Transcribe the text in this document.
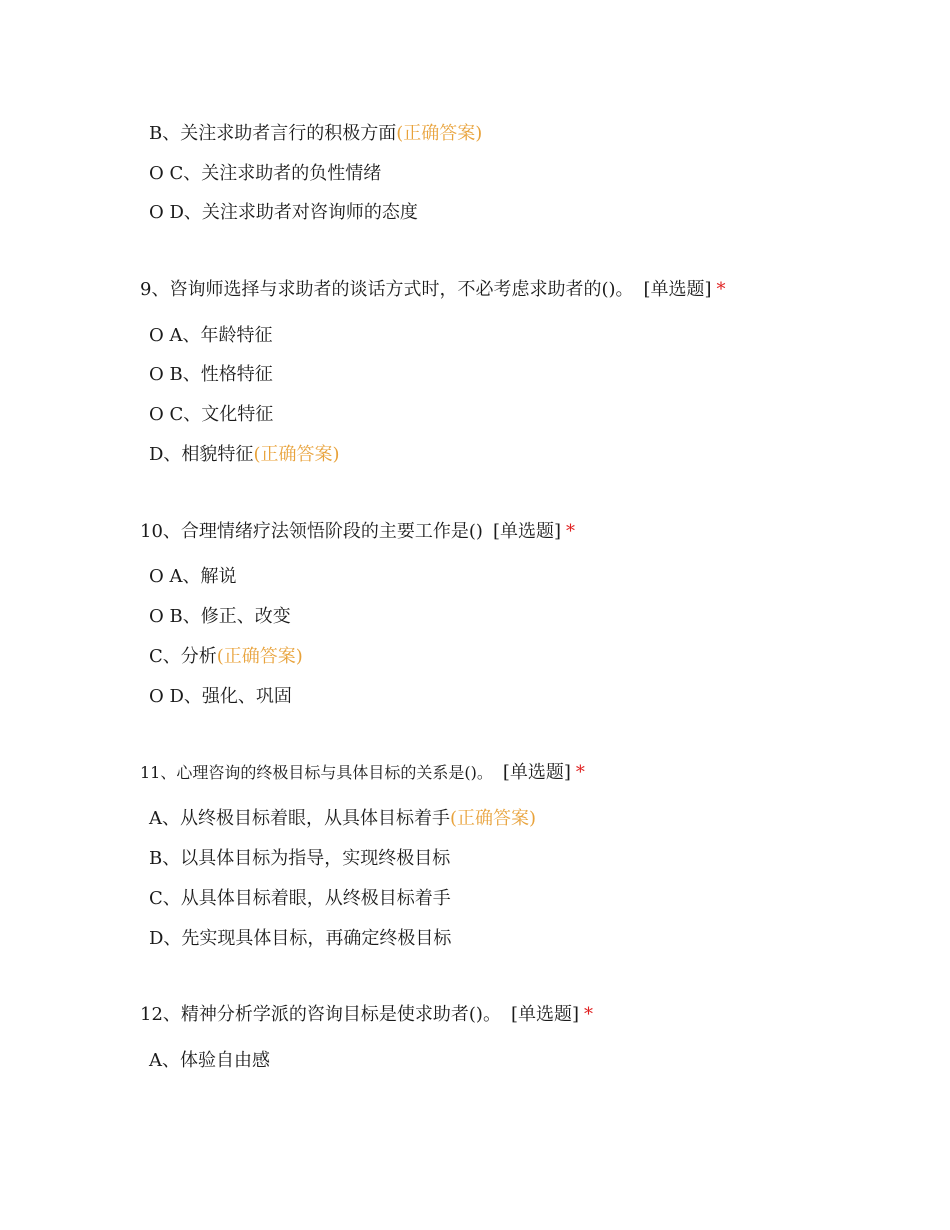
B、关注求助者言行的积极方面(正确答案)
O C、关注求助者的负性情绪
O D、关注求助者对咨询师的态度
9、咨询师选择与求助者的谈话方式时，不必考虑求助者的()。 [单选题] *
O A、年龄特征
O B、性格特征
O C、文化特征
D、相貌特征(正确答案)
10、合理情绪疗法领悟阶段的主要工作是() [单选题] *
O A、解说
O B、修正、改变
C、分析(正确答案)
O D、强化、巩固
11、心理咨询的终极目标与具体目标的关系是()。 [单选题] *
A、从终极目标着眼，从具体目标着手(正确答案)
B、以具体目标为指导，实现终极目标
C、从具体目标着眼，从终极目标着手
D、先实现具体目标，再确定终极目标
12、精神分析学派的咨询目标是使求助者()。 [单选题] *
A、体验自由感
